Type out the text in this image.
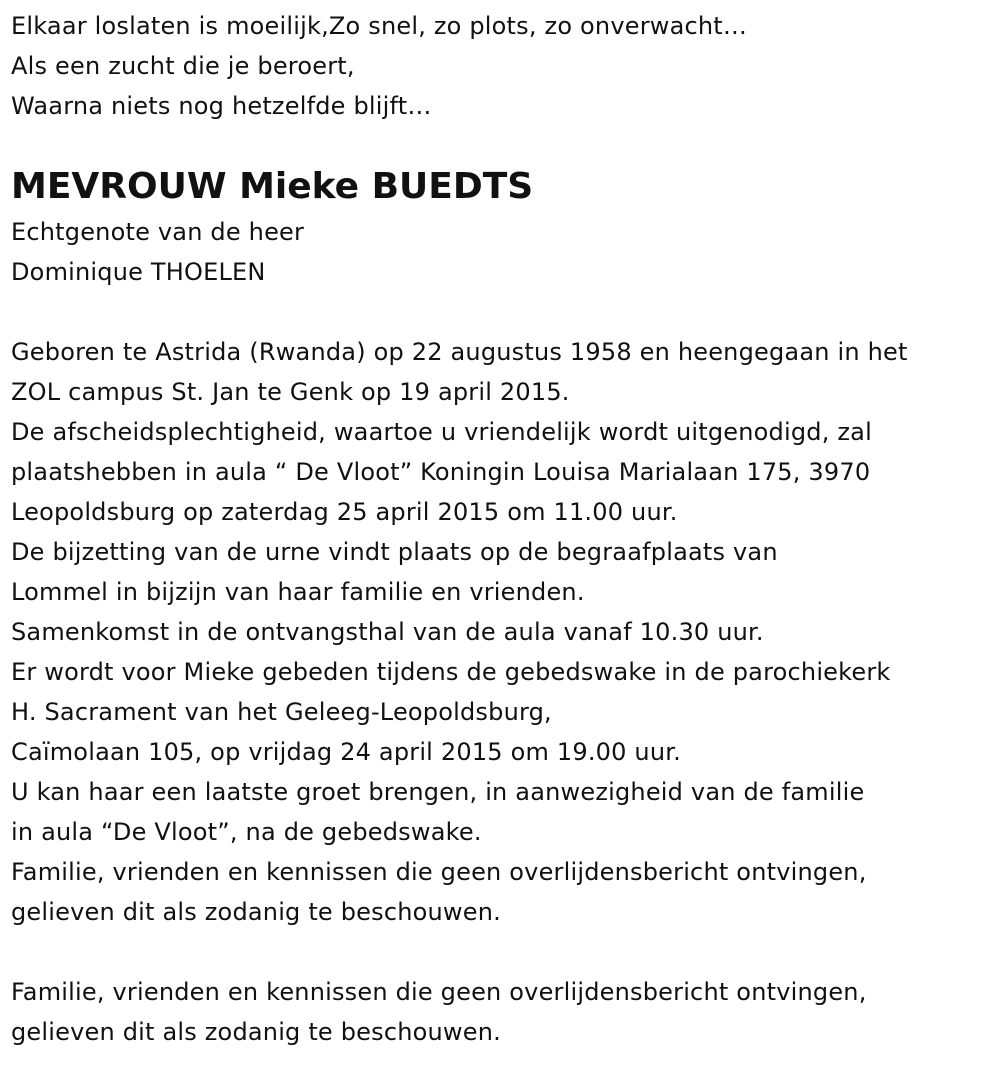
Elkaar loslaten is moeilijk,Zo snel, zo plots, zo onverwacht…
Als een zucht die je beroert,
Waarna niets nog hetzelfde blijft…
MEVROUW Mieke BUEDTS
Echtgenote van de heer
Dominique THOELEN
Geboren te Astrida (Rwanda) op 22 augustus 1958 en heengegaan in het
ZOL campus St. Jan te Genk op 19 april 2015.
De afscheidsplechtigheid, waartoe u vriendelijk wordt uitgenodigd, zal
plaatshebben in aula “ De Vloot” Koningin Louisa Marialaan 175, 3970
Leopoldsburg op zaterdag 25 april 2015 om 11.00 uur.
De bijzetting van de urne vindt plaats op de begraafplaats van
Lommel in bijzijn van haar familie en vrienden.
Samenkomst in de ontvangsthal van de aula vanaf 10.30 uur.
Er wordt voor Mieke gebeden tijdens de gebedswake in de parochiekerk
H. Sacrament van het Geleeg-Leopoldsburg,
Caïmolaan 105, op vrijdag 24 april 2015 om 19.00 uur.
U kan haar een laatste groet brengen, in aanwezigheid van de familie
in aula “De Vloot”, na de gebedswake.
Familie, vrienden en kennissen die geen overlijdensbericht ontvingen,
gelieven dit als zodanig te beschouwen.
Familie, vrienden en kennissen die geen overlijdensbericht ontvingen,
gelieven dit als zodanig te beschouwen.
